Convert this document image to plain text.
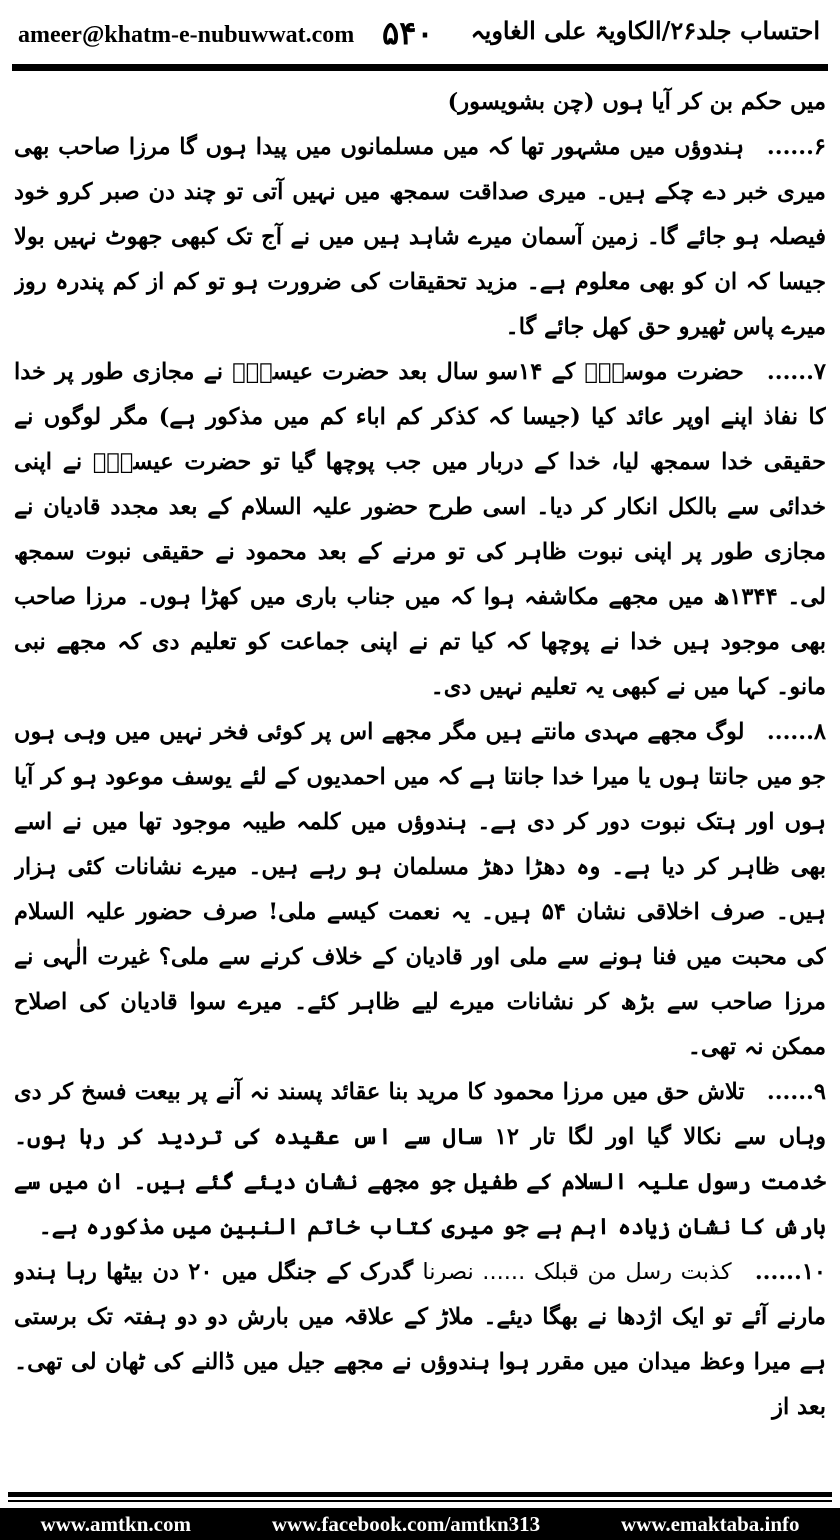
ameer@khatm-e-nubuwwat.com ۵۴۰ احتساب جلد۲۶/الکاویۃ علی الغاویہ

میں حکم بن کر آیا ہوں (چن بشویسور)

۶...... ہندوؤں میں مشہور تھا کہ میں مسلمانوں میں پیدا ہوں گا مرزا صاحب بھی میری خبر دے چکے ہیں۔ میری صداقت سمجھ میں نہیں آتی تو چند دن صبر کرو خود فیصلہ ہو جائے گا۔ زمین آسمان میرے شاہد ہیں میں نے آج تک کبھی جھوٹ نہیں بولا جیسا کہ ان کو بھی معلوم ہے۔ مزید تحقیقات کی ضرورت ہو تو کم از کم پندرہ روز میرے پاس ٹھیرو حق کھل جائے گا۔

۷...... حضرت موسیٰؑ کے ۱۴سو سال بعد حضرت عیسیٰؑ نے مجازی طور پر خدا کا نفاذ اپنے اوپر عائد کیا (جیسا کہ کذکر کم اباء کم میں مذکور ہے) مگر لوگوں نے حقیقی خدا سمجھ لیا، خدا کے دربار میں جب پوچھا گیا تو حضرت عیسیٰؑ نے اپنی خدائی سے بالکل انکار کر دیا۔ اسی طرح حضور علیہ السلام کے بعد مجدد قادیان نے مجازی طور پر اپنی نبوت ظاہر کی تو مرنے کے بعد محمود نے حقیقی نبوت سمجھ لی۔ ۱۳۴۴ھ میں مجھے مکاشفہ ہوا کہ میں جناب باری میں کھڑا ہوں۔ مرزا صاحب بھی موجود ہیں خدا نے پوچھا کہ کیا تم نے اپنی جماعت کو تعلیم دی کہ مجھے نبی مانو۔ کہا میں نے کبھی یہ تعلیم نہیں دی۔

۸...... لوگ مجھے مہدی مانتے ہیں مگر مجھے اس پر کوئی فخر نہیں میں وہی ہوں جو میں جانتا ہوں یا میرا خدا جانتا ہے کہ میں احمدیوں کے لئے یوسف موعود ہو کر آیا ہوں اور ہتک نبوت دور کر دی ہے۔ ہندوؤں میں کلمہ طیبہ موجود تھا میں نے اسے بھی ظاہر کر دیا ہے۔ وہ دھڑا دھڑ مسلمان ہو رہے ہیں۔ میرے نشانات کئی ہزار ہیں۔ صرف اخلاقی نشان ۵۴ ہیں۔ یہ نعمت کیسے ملی! صرف حضور علیہ السلام کی محبت میں فنا ہونے سے ملی اور قادیان کے خلاف کرنے سے ملی؟ غیرت الٰہی نے مرزا صاحب سے بڑھ کر نشانات میرے لیے ظاہر کئے۔ میرے سوا قادیان کی اصلاح ممکن نہ تھی۔

۹...... تلاش حق میں مرزا محمود کا مرید بنا عقائد پسند نہ آنے پر بیعت فسخ کر دی وہاں سے نکالا گیا اور لگا تار ۱۲ سال سے اس عقیدہ کی تردید کر رہا ہوں۔ خدمت رسول علیہ السلام کے طفیل جو مجھے نشان دیئے گئے ہیں۔ ان میں سے بارش کا نشان زیادہ اہم ہے جو میری کتاب خاتم النبین میں مذکورہ ہے۔

۱۰...... کذبت رسل من قبلک ...... نصرنا گدرک کے جنگل میں ۲۰ دن بیٹھا رہا ہندو مارنے آئے تو ایک اژدھا نے بھگا دیئے۔ ملاڑ کے علاقہ میں بارش دو دو ہفتہ تک برستی ہے میرا وعظ میدان میں مقرر ہوا ہندوؤں نے مجھے جیل میں ڈالنے کی ٹھان لی تھی۔ بعد از

www.amtkn.com	www.facebook.com/amtkn313	www.emaktaba.info
